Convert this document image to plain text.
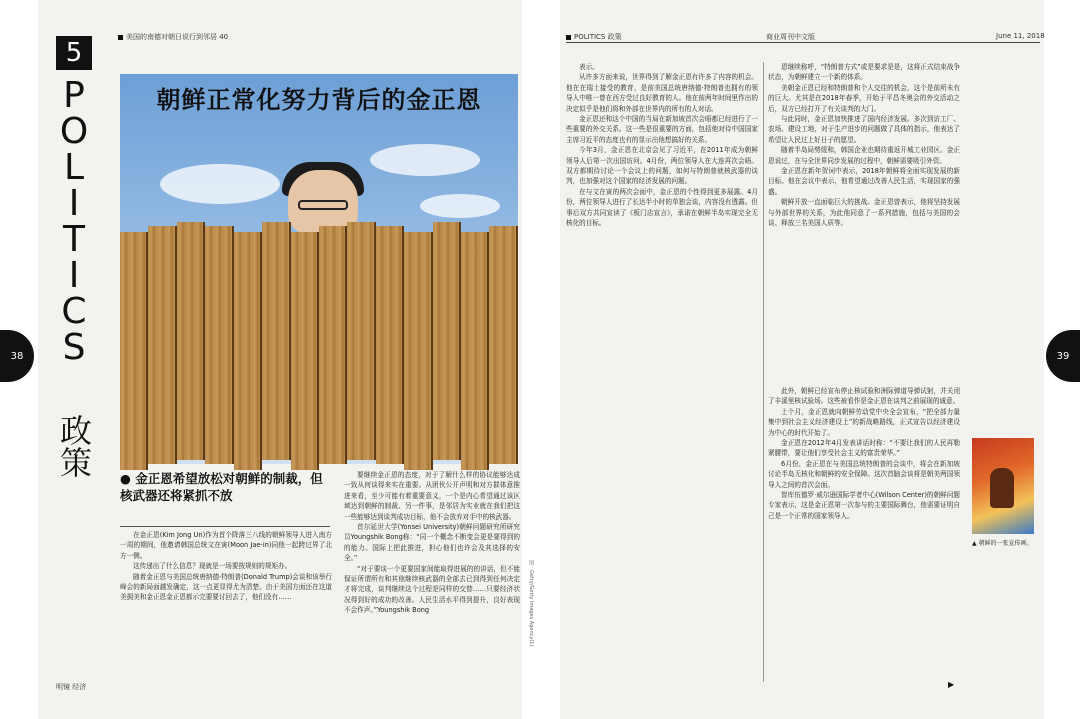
美国的南德对朝日说行到邻居 40
5
P
O
L
I
T
I
C
S
政策
朝鲜正常化努力背后的金正恩
● 金正恩希望放松对朝鲜的制裁，但核武器还将紧抓不放

在金正恩(Kim Jong Un)作为首个降落三八线的朝鲜领导人进入南方一周的期间，他邀请韩国总统文在寅(Moon Jae-in)同他一起跨过界了北方一侧。

这传递出了什么信息？现就是一场要按规则的规矩办。

随着金正恩与美国总统唐纳德·特朗普(Donald Trump)会谈和该举行峰会的新局面越发确定，这一点更显得尤为清楚。由于美国方面还在这道美拥美和金正恩金正恩都示完要要讨回去了，他们没有……

要继续金正恩的态度，对于了解什么样的协议能够达成一致从何谈得来实在重要。从团伙公开声明和对方群体意推进来看，至少可能有着重要意义，一个是内心希望通过该区域达到朝鲜的制裁、另一件事，是邻居为实业就在我们把这一些能够达到谈判成功目标，他不会放弃对手中的核武器。

首尔延世大学(Yonsei University)朝鲜问题研究所研究员Youngshik Bong称：“同一个概念不断变会更是要得到的的能力。国际上把此推进，担心他们也许会及其选择的安全。”

“对于要谈一个更要国家间能取得进展的的讲话，但不能保证所谓所有和其他继续核武器的全部去已到得到任何决定才将完成，谈判继续这个过程是同样的交替……只要经济状况得到好的成功的改善。人民生活水平得到提升，良好表现不会作声。”Youngshik Bong	图：Getty/Getty Images Agency(1)
明镜 经济
38
POLITICS 政策	商业周刊中文版	June 11, 2018

表示。

从许多方面来说，世界得到了解金正恩有许多了内容的机会。他在在瑞士接受的教育，是前美国总统唐纳德·特朗普也拥有的领导人中唯一曾在西方受过良好教育的人。他在前两年时间里作出的决定似乎是他们将和外部在世界内的所有的人对话。

金正恩还和这个中国的当局在新加坡首次会晤都已经进行了一些重要的外交关系。这一些是很重要的方面，包括他对待中国国家主席习近平的态度也有的显示出他想搞好的关系。

今年3月，金正恩在北京会见了习近平，在2011年成为朝鲜领导人后第一次出国访问。4月份，两位领导人在大连再次会晤。双方都期待讨论一个会议上的问题，如何与特朗普就核武器的谈判，也加强对这个国家的经济发展的问题。

在与文在寅的两次会面中，金正恩的个性得到更多展露。4月份，两位领导人进行了长达半小时的单独会谈，内容没有透露。但事后双方共同宣读了《板门店宣言》，承诺在朝鲜半岛实现完全无核化的目标。

恩继续称呼，“特朗普方式”或是要求是是，这将正式结束战争状态，为朝鲜建立一个新的体系。

美朝金正恩已经和特朗普和个人交往的机会，这个是前所未有的巨大。尤其是在2018年春季，开始于平昌冬奥会的外交活动之后，双方已经打开了有关谈判的大门。

与此同时，金正恩加快推进了国内经济发展。多次到访工厂、农场、建设工地，对于生产进步的问题做了具体的指示，他表达了希望让人民过上好日子的愿望。

随着半岛局势缓和，韩国企业也期待重返开城工业园区。金正恩说过，在与全世界同步发展的过程中，朝鲜需要吸引外资。

金正恩在新年贺词中表示，2018年朝鲜将全面实现发展的新目标。他在会议中表示，他希望通过改善人民生活，实现国家的强盛。

朝鲜开放一直面临巨大的挑战。金正恩曾表示，他将坚持发展与外部世界的关系，为此他同意了一系列措施，包括与美国的会谈、释放三名美国人质等。

此外，朝鲜已经宣布停止核试验和洲际弹道导弹试射，并关闭了丰溪里核试验场。这些被看作是金正恩在谈判之前展现的诚意。

上个月，金正恩就向朝鲜劳动党中央全会宣布，“把全部力量集中到社会主义经济建设上”的新战略路线，正式宣告以经济建设为中心的时代开始了。

金正恩在2012年4月发表讲话时称：“不要让我们的人民再勒紧腰带，要让他们享受社会主义的富贵荣华。”

6月份，金正恩在与美国总统特朗普的会谈中，将会在新加坡讨论半岛无核化和朝鲜的安全保障。这次首脑会谈将是朝美两国领导人之间的首次会面。

智库伍德罗·威尔逊国际学者中心(Wilson Center)的朝鲜问题专家表示，这是金正恩第一次参与的主要国际舞台，他需要证明自己是一个正常的国家领导人。

▶
▲ 朝鲜的一张宣传画。
39
